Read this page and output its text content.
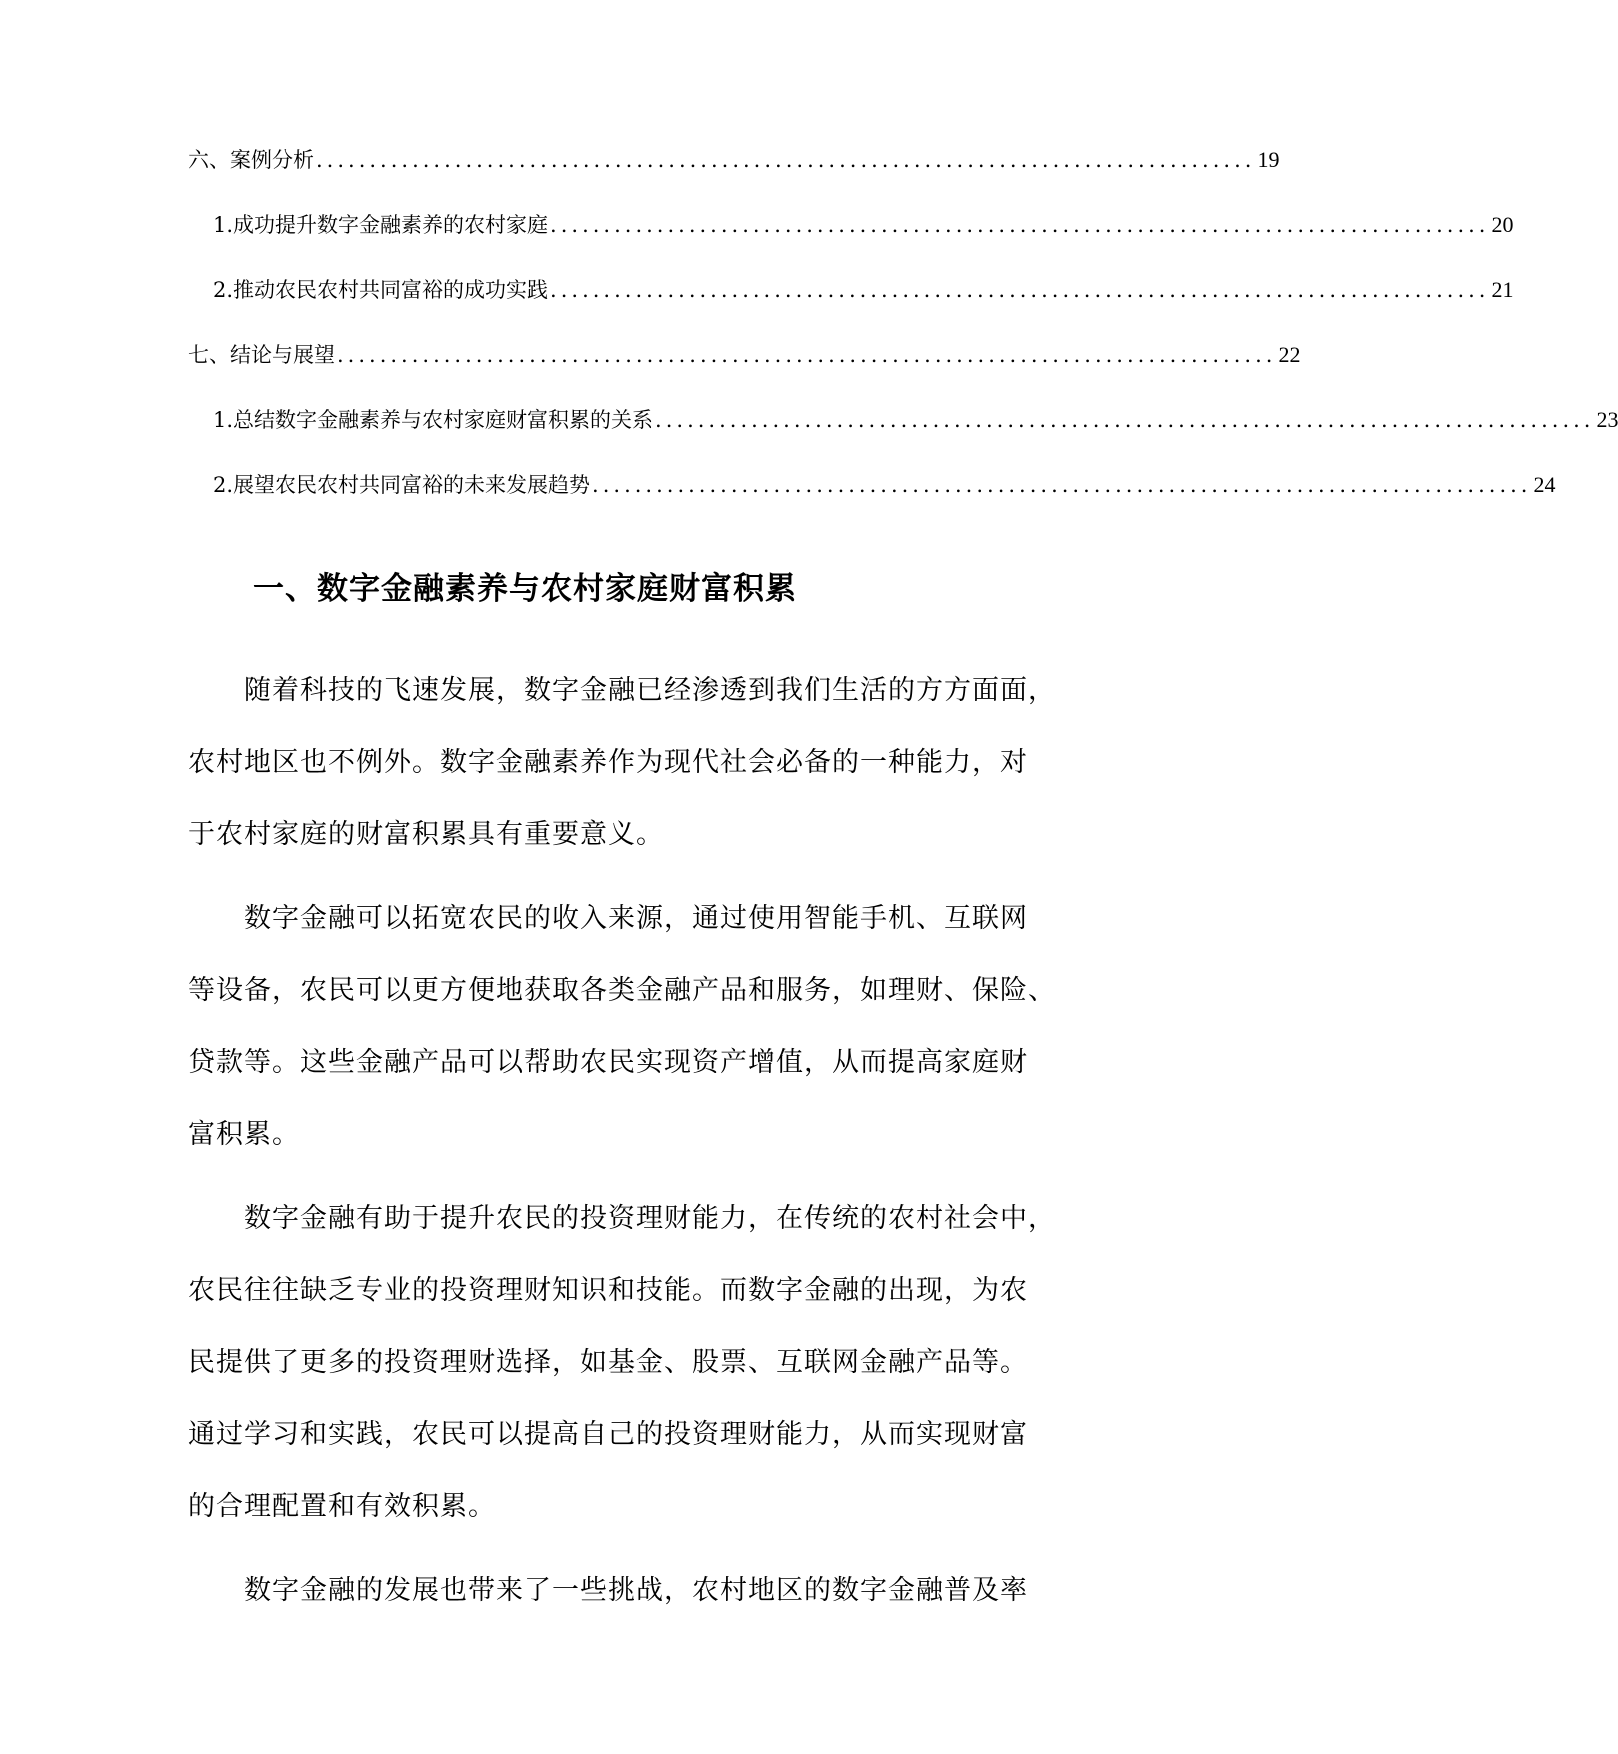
六、案例分析 ........................................................................................ 19
1. 成功提升数字金融素养的农村家庭 ........................................................................................ 20
2. 推动农民农村共同富裕的成功实践 ........................................................................................ 21
七、结论与展望 ........................................................................................ 22
1. 总结数字金融素养与农村家庭财富积累的关系 ........................................................................................ 23
2. 展望农民农村共同富裕的未来发展趋势 ........................................................................................ 24
一、数字金融素养与农村家庭财富积累
随着科技的飞速发展，数字金融已经渗透到我们生活的方方面面，
农村地区也不例外。数字金融素养作为现代社会必备的一种能力，对
于农村家庭的财富积累具有重要意义。
数字金融可以拓宽农民的收入来源，通过使用智能手机、互联网
等设备，农民可以更方便地获取各类金融产品和服务，如理财、保险、
贷款等。这些金融产品可以帮助农民实现资产增值，从而提高家庭财
富积累。
数字金融有助于提升农民的投资理财能力，在传统的农村社会中，
农民往往缺乏专业的投资理财知识和技能。而数字金融的出现，为农
民提供了更多的投资理财选择，如基金、股票、互联网金融产品等。
通过学习和实践，农民可以提高自己的投资理财能力，从而实现财富
的合理配置和有效积累。
数字金融的发展也带来了一些挑战，农村地区的数字金融普及率
